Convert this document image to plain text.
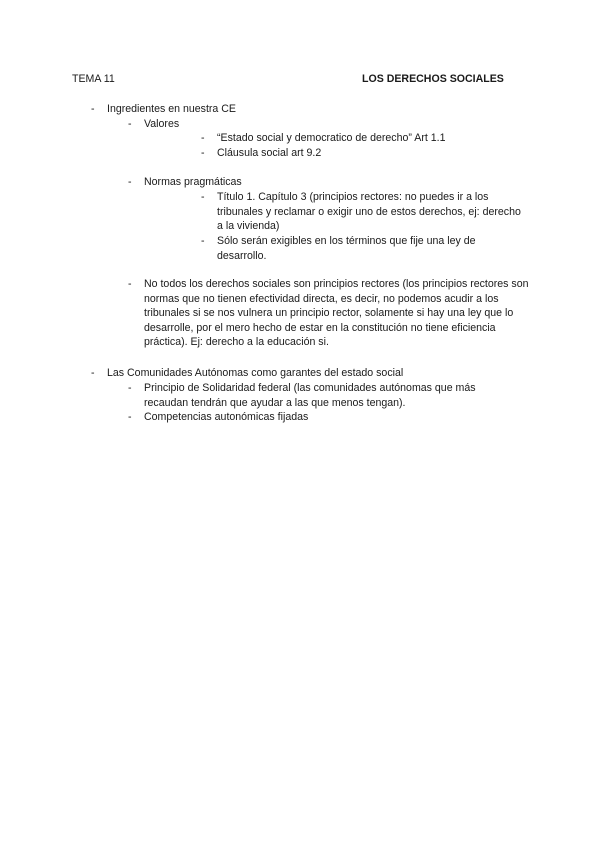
TEMA 11	LOS DERECHOS SOCIALES
- Ingredientes en nuestra CE
- Valores
- “Estado social y democratico de derecho” Art 1.1
- Cláusula social art 9.2
- Normas pragmáticas
- Título 1. Capítulo 3 (principios rectores: no puedes ir a los tribunales y reclamar o exigir uno de estos derechos, ej: derecho a la vivienda)
- Sólo serán exigibles en los términos que fije una ley de desarrollo.
- No todos los derechos sociales son principios rectores (los principios rectores son normas que no tienen efectividad directa, es decir, no podemos acudir a los tribunales si se nos vulnera un principio rector, solamente si hay una ley que lo desarrolle, por el mero hecho de estar en la constitución no tiene eficiencia práctica). Ej: derecho a la educación si.
- Las Comunidades Autónomas como garantes del estado social
- Principio de Solidaridad federal (las comunidades autónomas que más recaudan tendrán que ayudar a las que menos tengan).
- Competencias autonómicas fijadas
